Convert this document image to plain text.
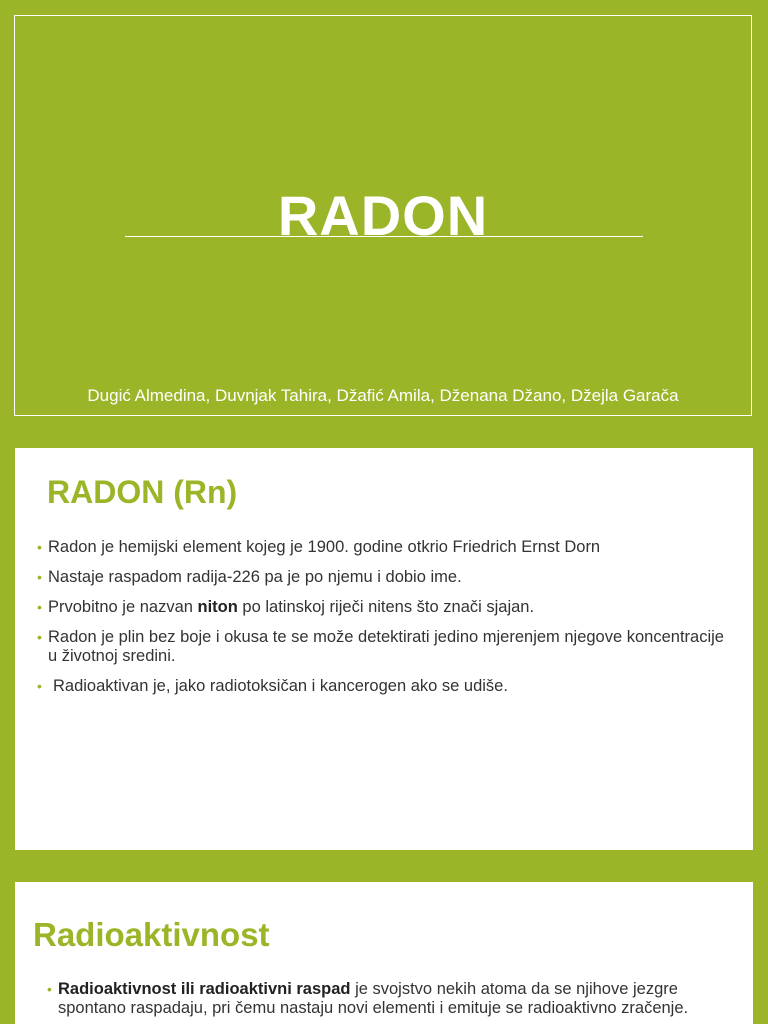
RADON
Dugić Almedina, Duvnjak Tahira, Džafić Amila, Dženana Džano, Džejla Garača
RADON (Rn)
• Radon je hemijski element kojeg je 1900. godine otkrio Friedrich Ernst Dorn
• Nastaje raspadom radija-226 pa je po njemu i dobio ime.
• Prvobitno je nazvan niton po latinskoj riječi nitens što znači sjajan.
• Radon je plin bez boje i okusa te se može detektirati jedino mjerenjem njegove koncentracije u životnoj sredini.
• Radioaktivan je, jako radiotoksičan i kancerogen ako se udiše.
Radioaktivnost
• Radioaktivnost ili radioaktivni raspad je svojstvo nekih atoma da se njihove jezgre spontano raspadaju, pri čemu nastaju novi elementi i emituje se radioaktivno zračenje.
